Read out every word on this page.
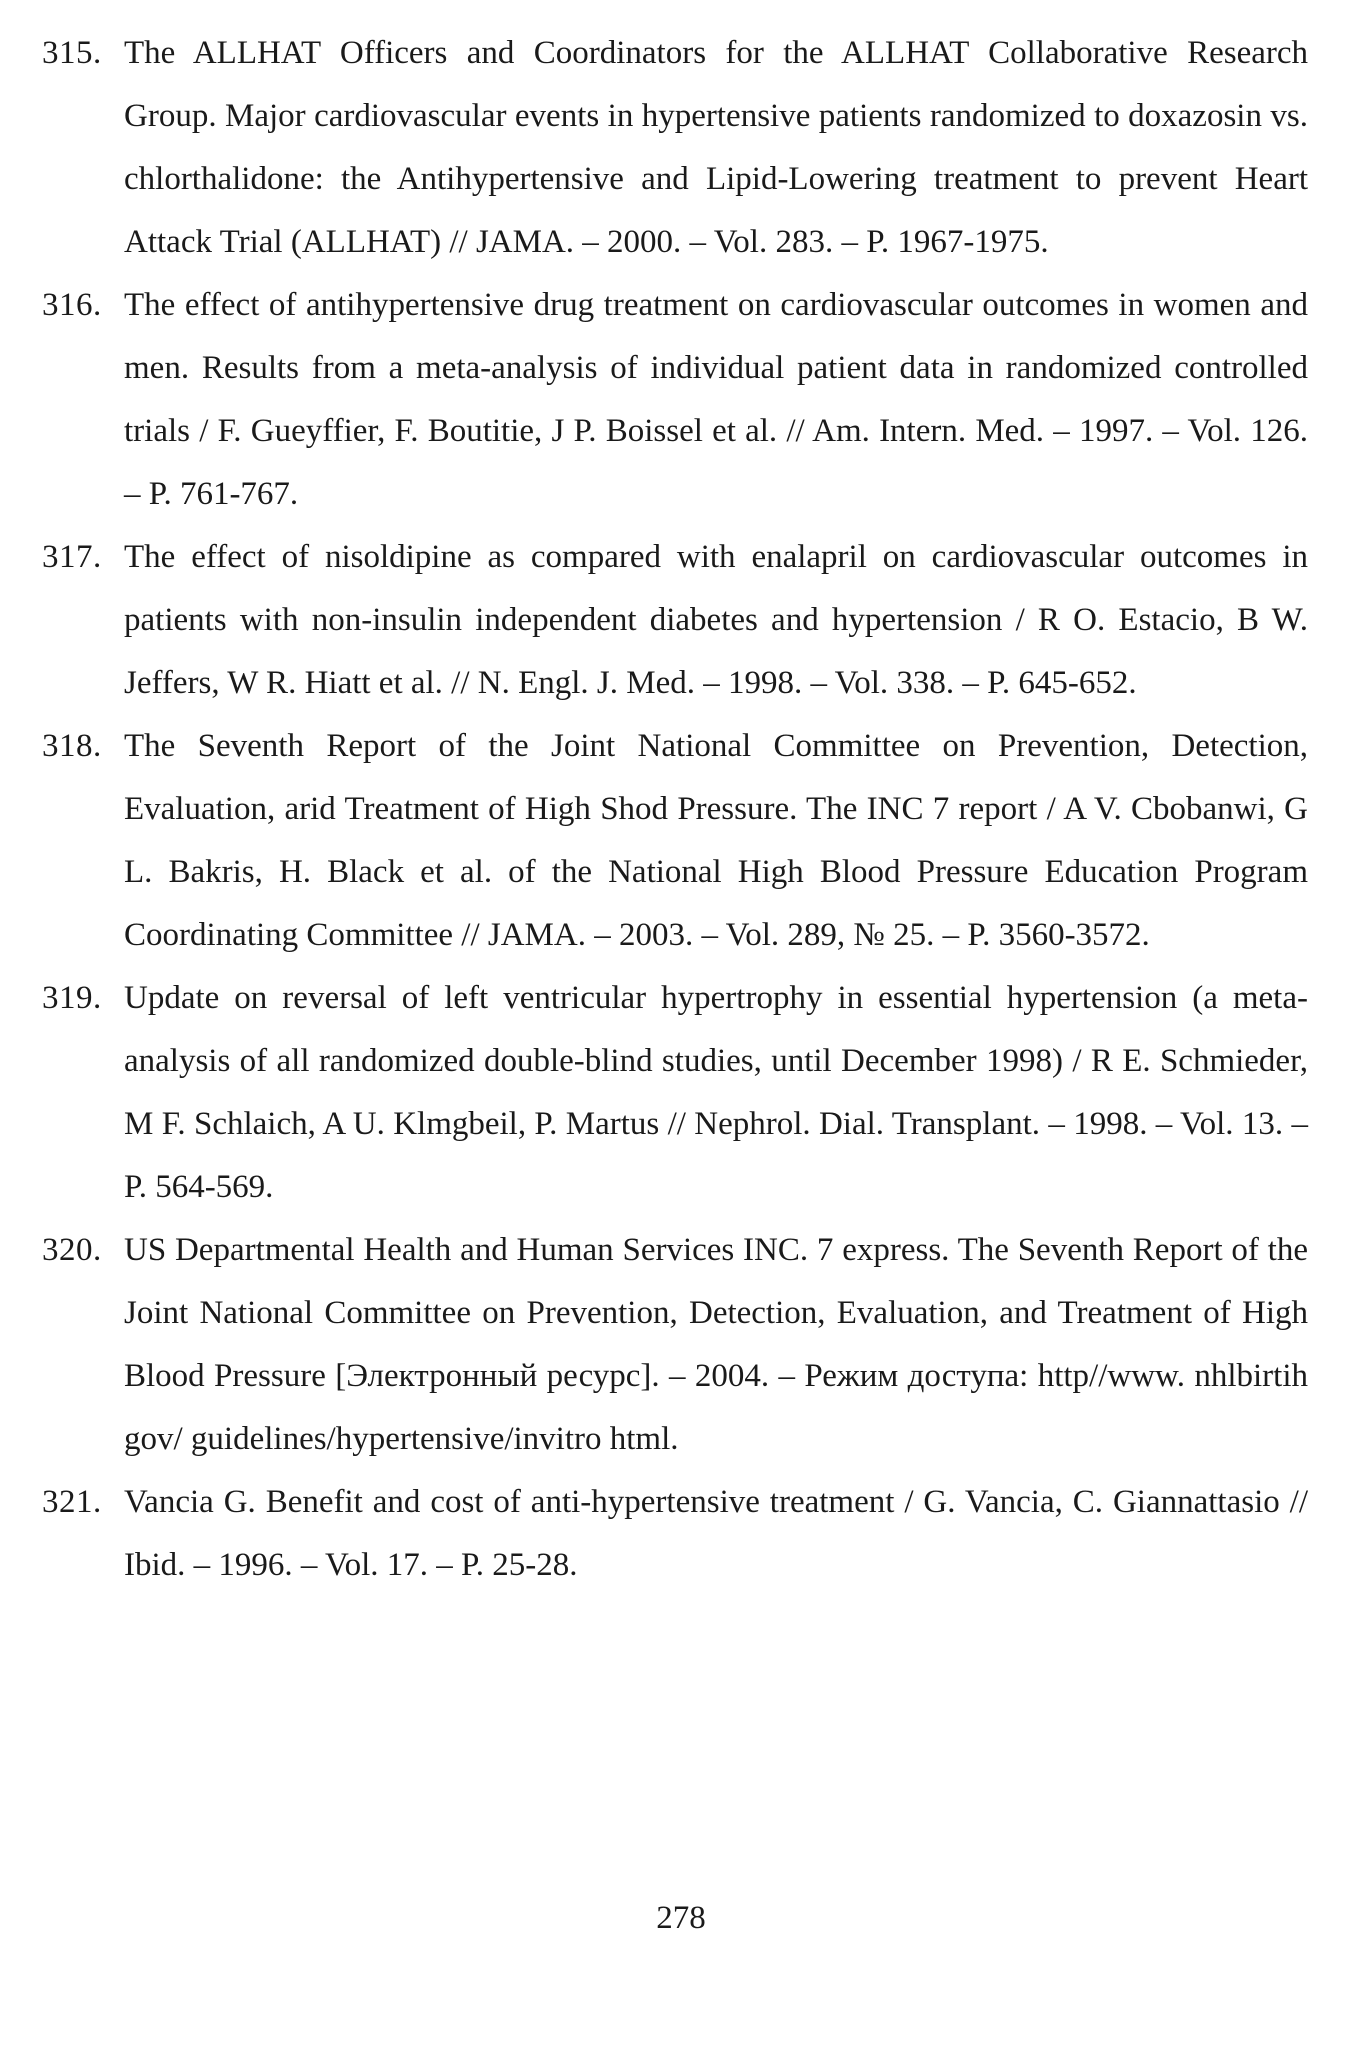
315. The ALLHAT Officers and Coordinators for the ALLHAT Collaborative Research Group. Major cardiovascular events in hypertensive patients randomized to doxazosin vs. chlorthalidone: the Antihypertensive and Lipid-Lowering treatment to prevent Heart Attack Trial (ALLHAT) // JAMA. – 2000. – Vol. 283. – P. 1967-1975.
316. The effect of antihypertensive drug treatment on cardiovascular outcomes in women and men. Results from a meta-analysis of individual patient data in randomized controlled trials / F. Gueyffier, F. Boutitie, J P. Boissel et al. // Am. Intern. Med. – 1997. – Vol. 126. – P. 761-767.
317. The effect of nisoldipine as compared with enalapril on cardiovascular outcomes in patients with non-insulin independent diabetes and hypertension / R O. Estacio, B W. Jeffers, W R. Hiatt et al. // N. Engl. J. Med. – 1998. – Vol. 338. – P. 645-652.
318. The Seventh Report of the Joint National Committee on Prevention, Detection, Evaluation, arid Treatment of High Shod Pressure. The INC 7 report / A V. Cbobanwi, G L. Bakris, H. Black et al. of the National High Blood Pressure Education Program Coordinating Committee // JAMA. – 2003. – Vol. 289, № 25. – P. 3560-3572.
319. Update on reversal of left ventricular hypertrophy in essential hypertension (a meta-analysis of all randomized double-blind studies, until December 1998) / R E. Schmieder, M F. Schlaich, A U. Klmgbeil, P. Martus // Nephrol. Dial. Transplant. – 1998. – Vol. 13. – P. 564-569.
320. US Departmental Health and Human Services INC. 7 express. The Seventh Report of the Joint National Committee on Prevention, Detection, Evaluation, and Treatment of High Blood Pressure [Электронный ресурс]. – 2004. – Режим доступа: http//www. nhlbirtih gov/ guidelines/hypertensive/invitro html.
321. Vancia G. Benefit and cost of anti-hypertensive treatment / G. Vancia, C. Giannattasio // Ibid. – 1996. – Vol. 17. – P. 25-28.
278
